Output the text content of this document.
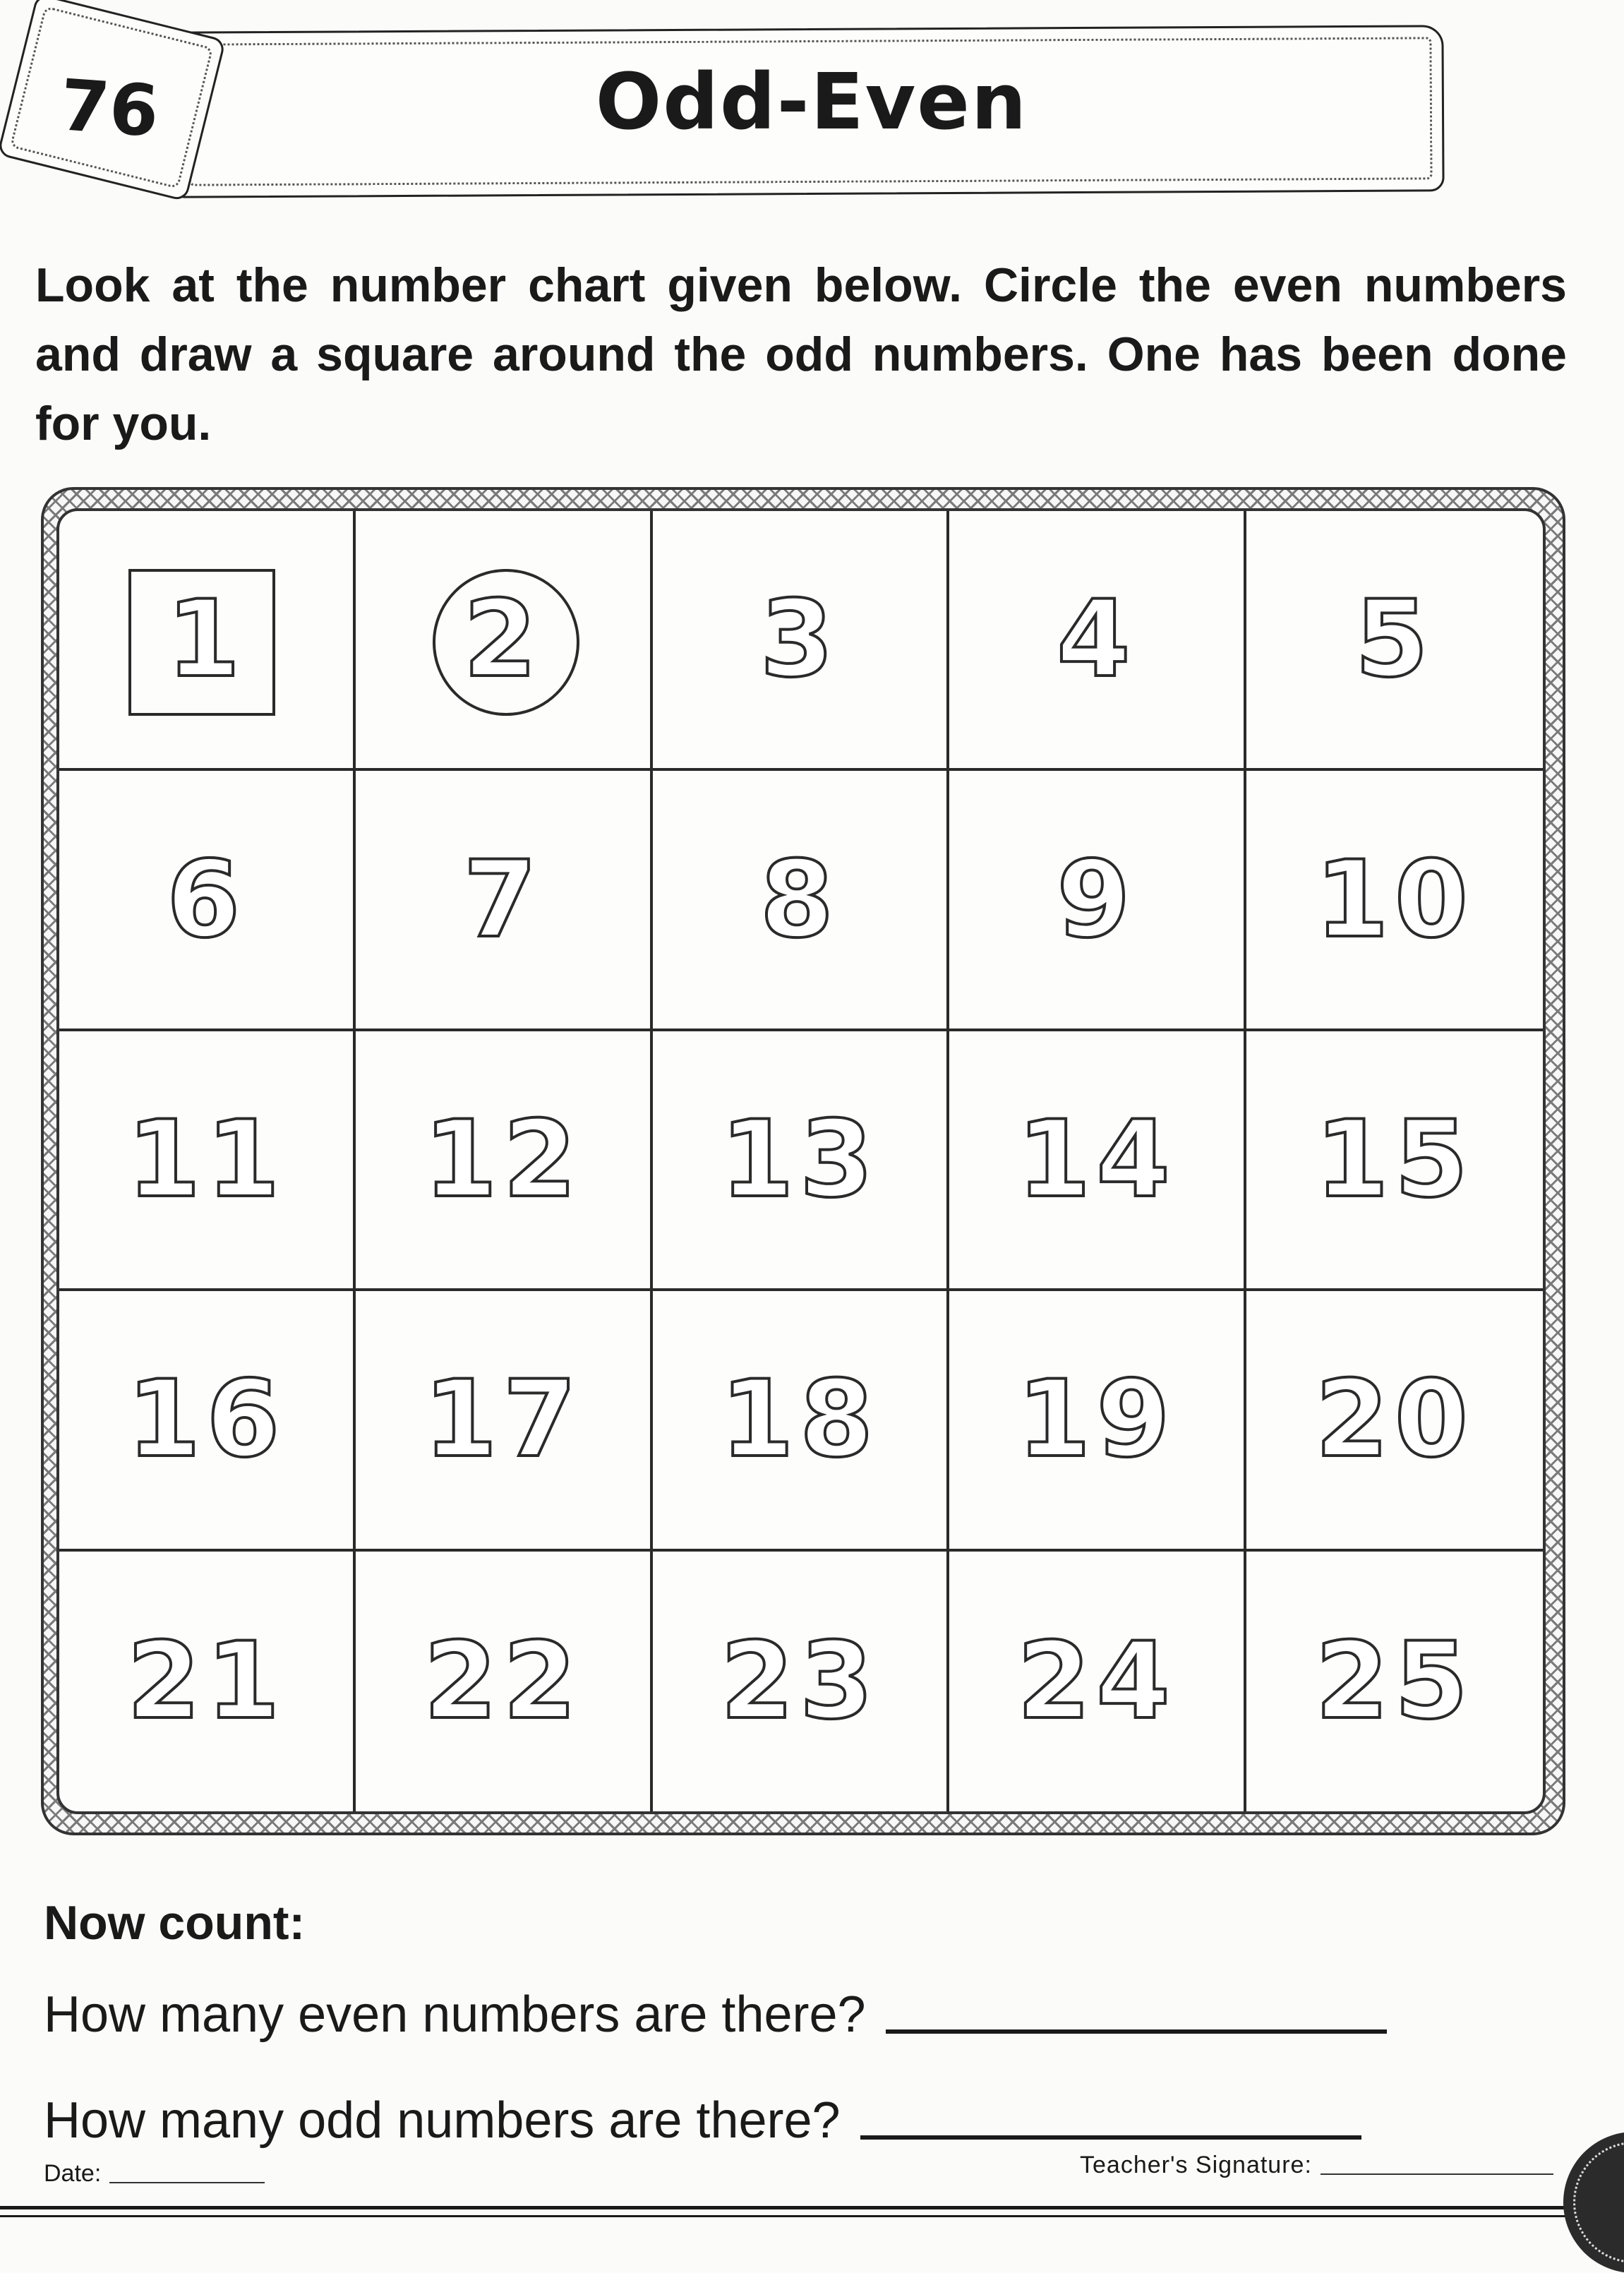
Odd-Even
76
Look at the number chart given below. Circle the even numbers and draw a square around the odd numbers. One has been done for you.
1 2 3 4 5
6 7 8 9 10
11 12 13 14 15
16 17 18 19 20
21 22 23 24 25
Now count:
How many even numbers are there?
How many odd numbers are there?
Date:	Teacher's Signature:
